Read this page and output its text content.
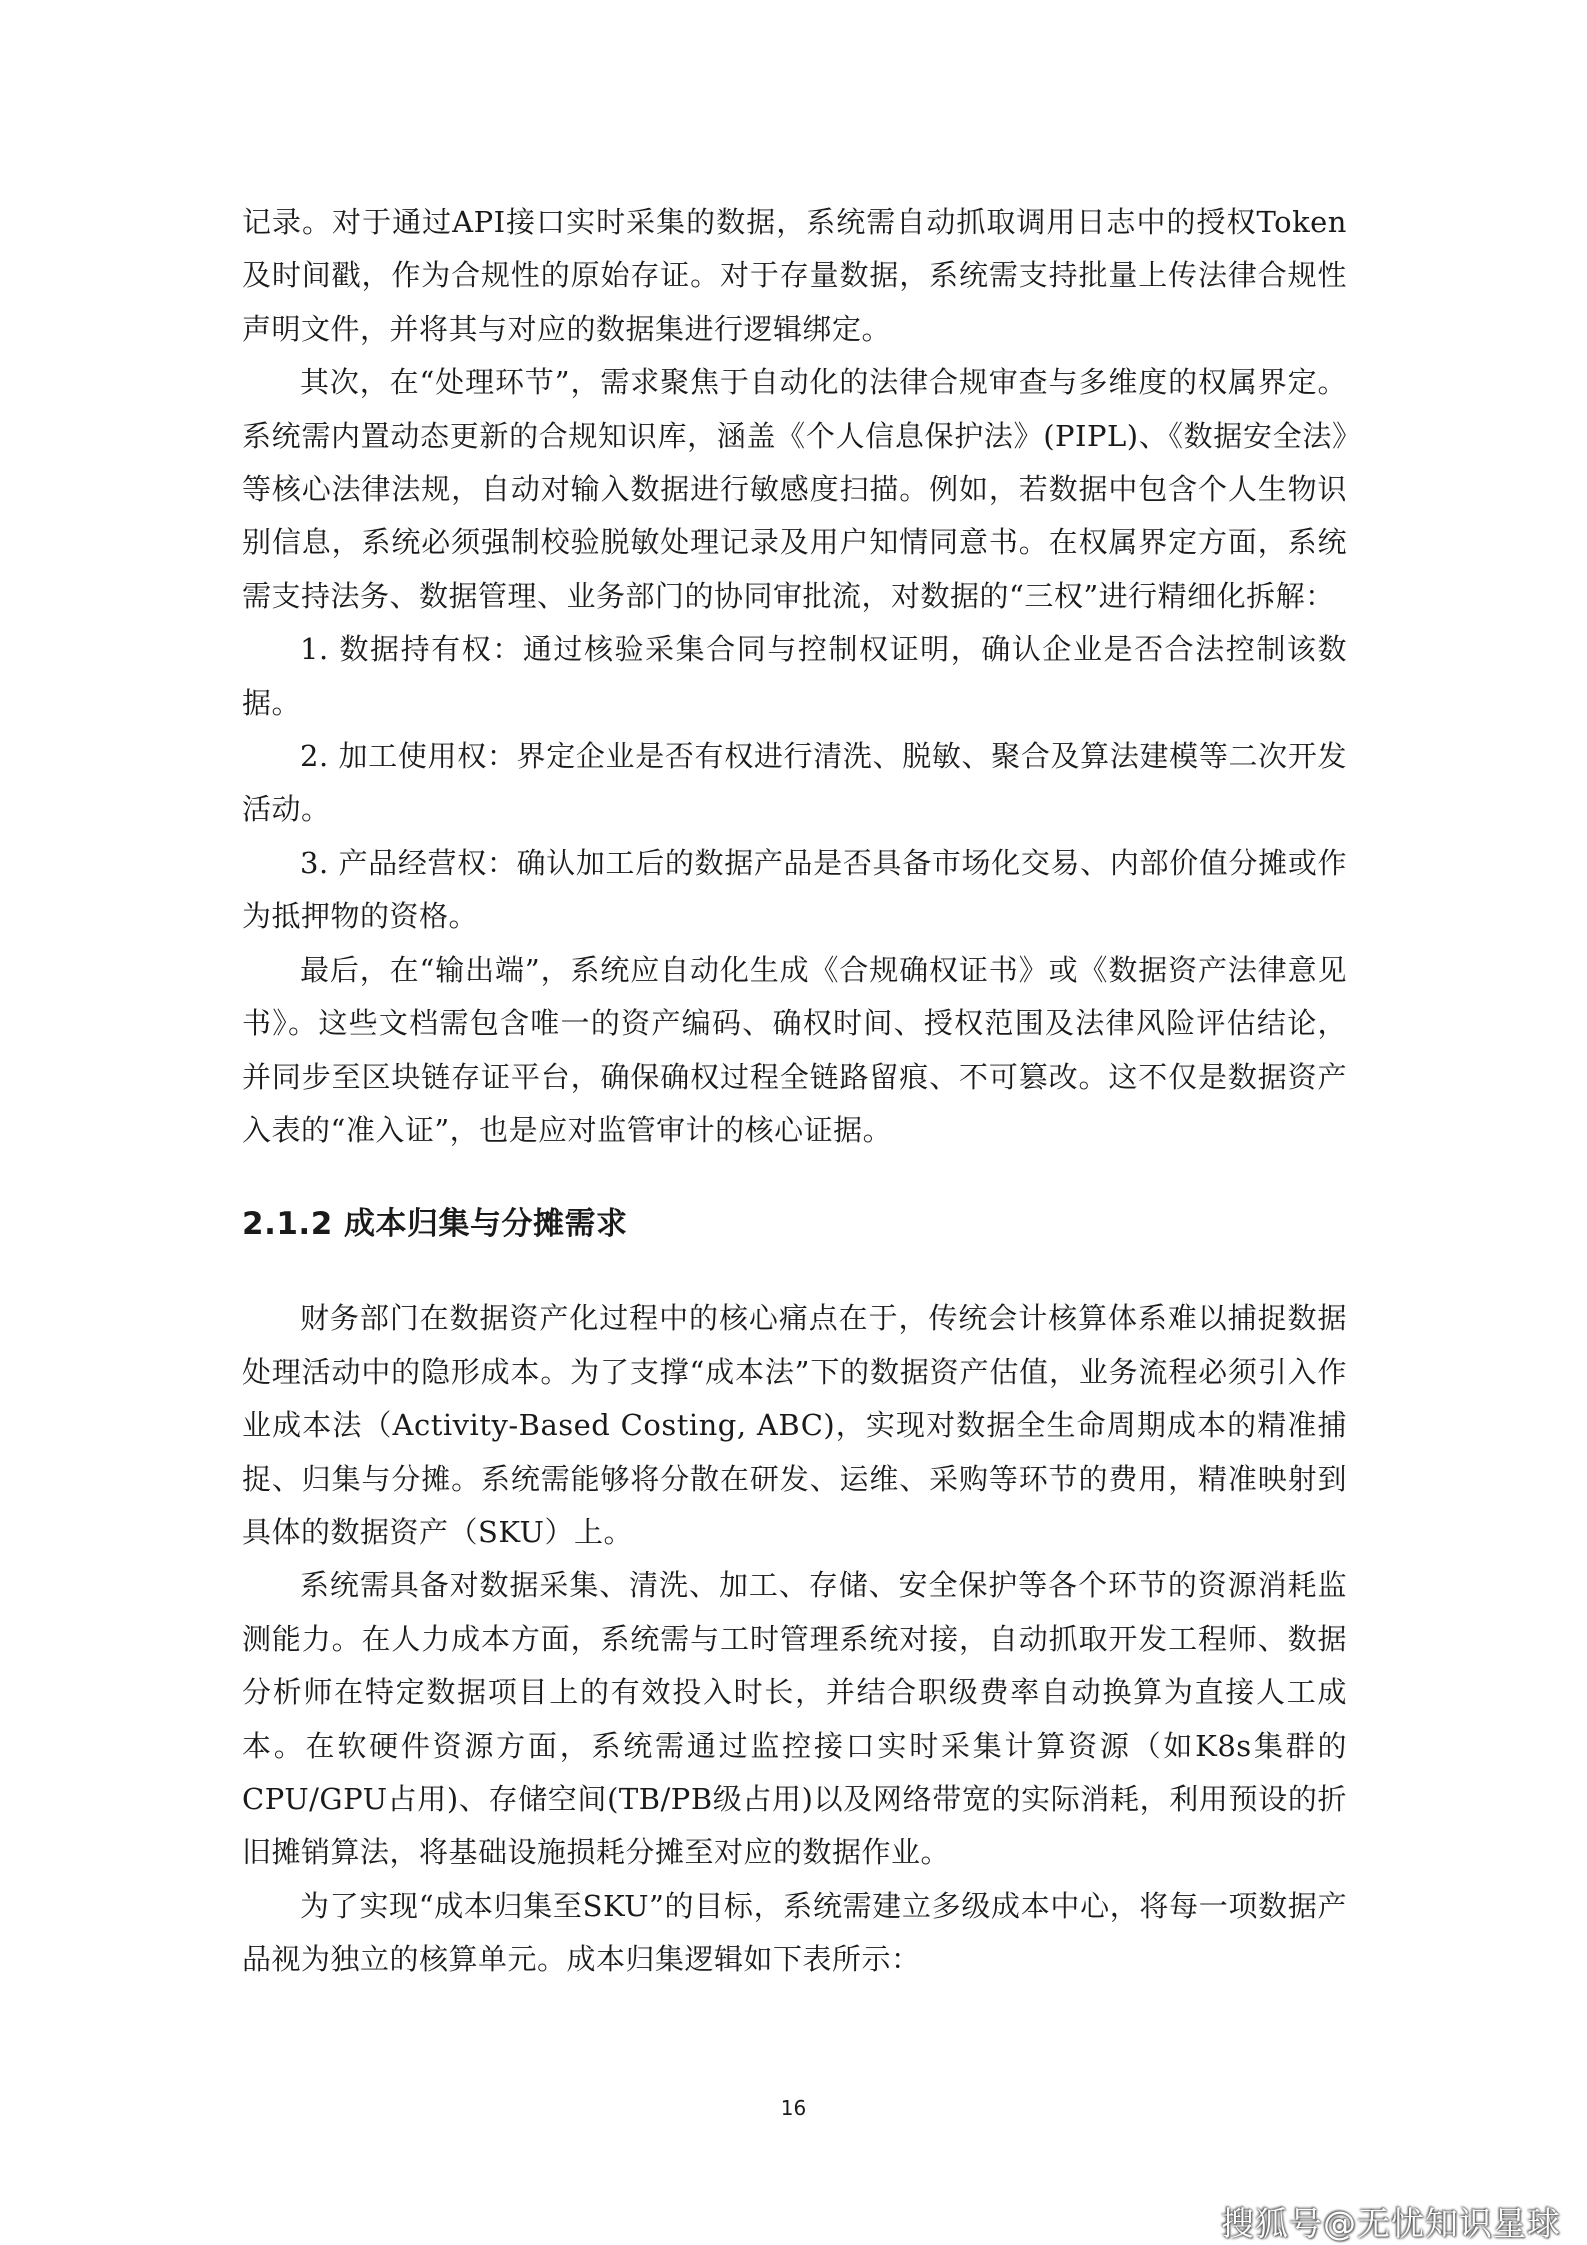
记录。对于通过API接口实时采集的数据，系统需自动抓取调用日志中的授权Token及时间戳，作为合规性的原始存证。对于存量数据，系统需支持批量上传法律合规性声明文件，并将其与对应的数据集进行逻辑绑定。

其次，在“处理环节”，需求聚焦于自动化的法律合规审查与多维度的权属界定。系统需内置动态更新的合规知识库，涵盖《个人信息保护法》(PIPL)、《数据安全法》等核心法律法规，自动对输入数据进行敏感度扫描。例如，若数据中包含个人生物识别信息，系统必须强制校验脱敏处理记录及用户知情同意书。在权属界定方面，系统需支持法务、数据管理、业务部门的协同审批流，对数据的“三权”进行精细化拆解：

1. 数据持有权：通过核验采集合同与控制权证明，确认企业是否合法控制该数据。

2. 加工使用权：界定企业是否有权进行清洗、脱敏、聚合及算法建模等二次开发活动。

3. 产品经营权：确认加工后的数据产品是否具备市场化交易、内部价值分摊或作为抵押物的资格。

最后，在“输出端”，系统应自动化生成《合规确权证书》或《数据资产法律意见书》。这些文档需包含唯一的资产编码、确权时间、授权范围及法律风险评估结论，并同步至区块链存证平台，确保确权过程全链路留痕、不可篡改。这不仅是数据资产入表的“准入证”，也是应对监管审计的核心证据。

2.1.2 成本归集与分摊需求

财务部门在数据资产化过程中的核心痛点在于，传统会计核算体系难以捕捉数据处理活动中的隐形成本。为了支撑“成本法”下的数据资产估值，业务流程必须引入作业成本法（Activity-Based Costing, ABC)，实现对数据全生命周期成本的精准捕捉、归集与分摊。系统需能够将分散在研发、运维、采购等环节的费用，精准映射到具体的数据资产（SKU）上。

系统需具备对数据采集、清洗、加工、存储、安全保护等各个环节的资源消耗监测能力。在人力成本方面，系统需与工时管理系统对接，自动抓取开发工程师、数据分析师在特定数据项目上的有效投入时长，并结合职级费率自动换算为直接人工成本。在软硬件资源方面，系统需通过监控接口实时采集计算资源（如K8s集群的CPU/GPU占用)、存储空间(TB/PB级占用)以及网络带宽的实际消耗，利用预设的折旧摊销算法，将基础设施损耗分摊至对应的数据作业。

为了实现“成本归集至SKU”的目标，系统需建立多级成本中心，将每一项数据产品视为独立的核算单元。成本归集逻辑如下表所示：

16
搜狐号@无忧知识星球
